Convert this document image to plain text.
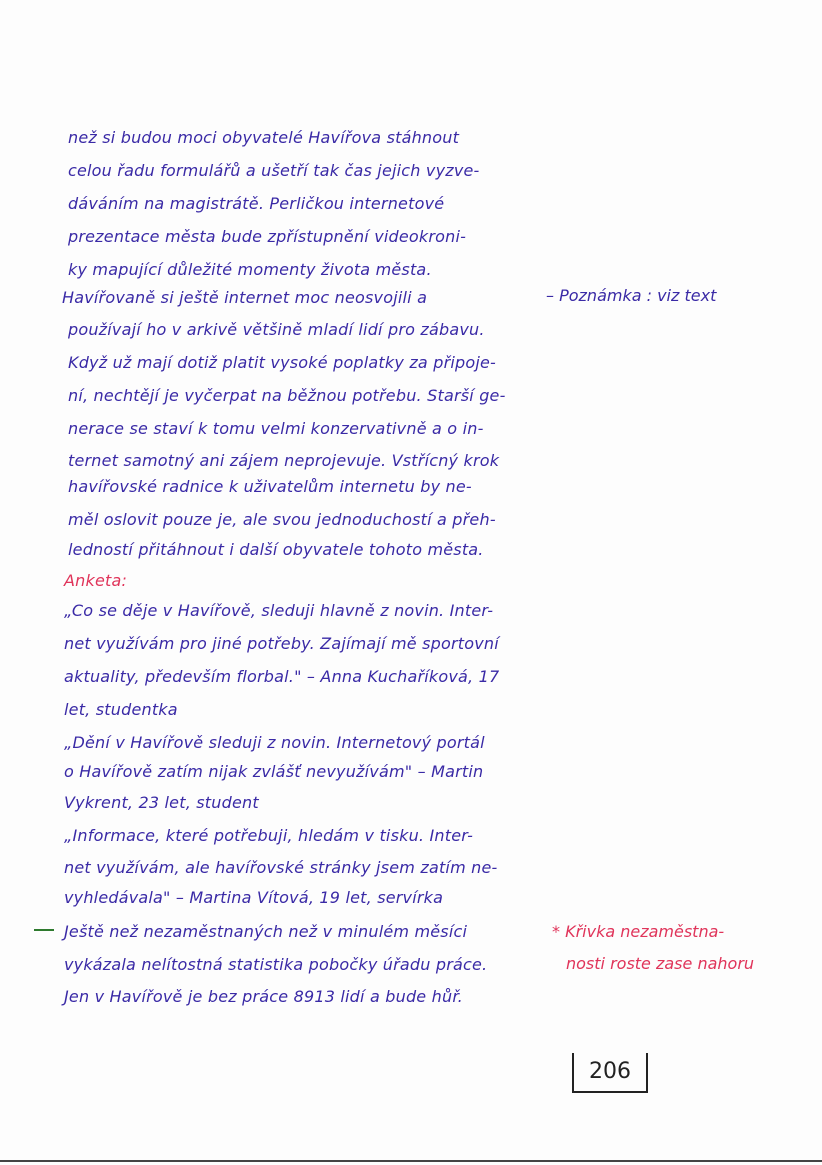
než si budou moci obyvatelé Havířova stáhnout
celou řadu formulářů a ušetří tak čas jejich vyzve-
dáváním na magistrátě. Perličkou internetové
prezentace města bude zpřístupnění videokroni-
ky mapující důležité momenty života města.
Havířovaně si ještě internet moc neosvojili a
používají ho v arkivě většině mladí lidí pro zábavu.
Když už mají dotiž platit vysoké poplatky za připoje-
ní, nechtějí je vyčerpat na běžnou potřebu. Starší ge-
nerace se staví k tomu velmi konzervativně a o in-
ternet samotný ani zájem neprojevuje. Vstřícný krok
havířovské radnice k uživatelům internetu by ne-
měl oslovit pouze je, ale svou jednoduchostí a přeh-
ledností přitáhnout i další obyvatele tohoto města.
Anketa:
„Co se děje v Havířově, sleduji hlavně z novin. Inter-
net využívám pro jiné potřeby. Zajímají mě sportovní
aktuality, především florbal." – Anna Kuchaříková, 17
let, studentka
„Dění v Havířově sleduji z novin. Internetový portál
o Havířově zatím nijak zvlášť nevyužívám" – Martin
Vykrent, 23 let, student
„Informace, které potřebuji, hledám v tisku. Inter-
net využívám, ale havířovské stránky jsem zatím ne-
vyhledávala" – Martina Vítová, 19 let, servírka
Ještě než nezaměstnaných než v minulém měsíci
vykázala nelítostná statistika pobočky úřadu práce.
Jen v Havířově je bez práce 8913 lidí a bude hůř.
– Poznámka : viz text
* Křivka nezaměstna-
nosti roste zase nahoru
206
